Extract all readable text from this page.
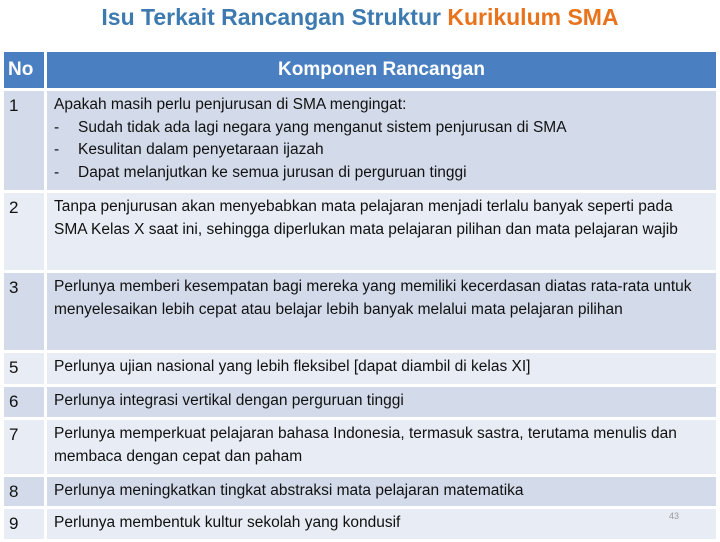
Isu Terkait Rancangan Struktur Kurikulum SMA
No	Komponen Rancangan
1	Apakah masih perlu penjurusan di SMA mengingat:
-	Sudah tidak ada lagi negara yang menganut sistem penjurusan di SMA
-	Kesulitan dalam penyetaraan ijazah
-	Dapat melanjutkan ke semua jurusan di perguruan tinggi
2	Tanpa penjurusan akan menyebabkan mata pelajaran menjadi terlalu banyak seperti pada SMA Kelas X saat ini, sehingga diperlukan mata pelajaran pilihan dan mata pelajaran wajib
3	Perlunya memberi kesempatan bagi mereka yang memiliki kecerdasan diatas rata-rata untuk menyelesaikan lebih cepat atau belajar lebih banyak melalui mata pelajaran pilihan
5	Perlunya ujian nasional yang lebih fleksibel [dapat diambil di kelas XI]
6	Perlunya integrasi vertikal dengan perguruan tinggi
7	Perlunya memperkuat pelajaran bahasa Indonesia, termasuk sastra, terutama menulis dan membaca dengan cepat dan paham
8	Perlunya meningkatkan tingkat abstraksi mata pelajaran matematika
9	Perlunya membentuk kultur sekolah yang kondusif	43
